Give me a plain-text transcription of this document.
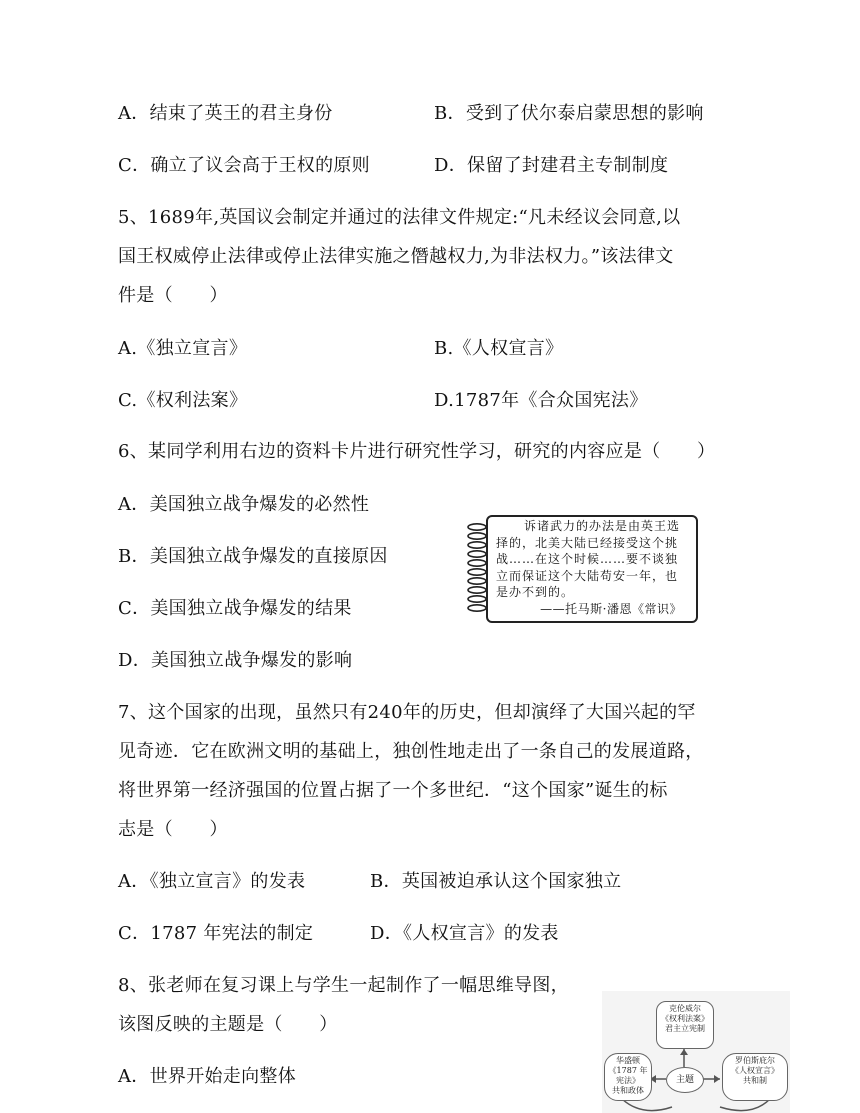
A．结束了英王的君主身份	B．受到了伏尔泰启蒙思想的影响
C．确立了议会高于王权的原则	D．保留了封建君主专制制度
5、1689年,英国议会制定并通过的法律文件规定:“凡未经议会同意,以
国王权威停止法律或停止法律实施之僭越权力,为非法权力。”该法律文
件是（　　）
A.《独立宣言》	B.《人权宣言》
C.《权利法案》	D.1787年《合众国宪法》
6、某同学利用右边的资料卡片进行研究性学习，研究的内容应是（　　）
A．美国独立战争爆发的必然性
B．美国独立战争爆发的直接原因
C．美国独立战争爆发的结果
D．美国独立战争爆发的影响
诉诸武力的办法是由英王选
择的，北美大陆已经接受这个挑
战……在这个时候……要不谈独
立而保证这个大陆苟安一年，也
是办不到的。
——托马斯·潘恩《常识》
7、这个国家的出现，虽然只有240年的历史，但却演绎了大国兴起的罕
见奇迹．它在欧洲文明的基础上，独创性地走出了一条自己的发展道路，
将世界第一经济强国的位置占据了一个多世纪．“这个国家”诞生的标
志是（　　）
A．《独立宣言》的发表	B．英国被迫承认这个国家独立
C．1787 年宪法的制定	D．《人权宣言》的发表
8、张老师在复习课上与学生一起制作了一幅思维导图，
该图反映的主题是（　　）
A．世界开始走向整体
克伦威尔
《权利法案》
君主立宪制
华盛顿
《1787 年宪法》
共和政体
罗伯斯庇尔
《人权宣言》
共和制
主题
